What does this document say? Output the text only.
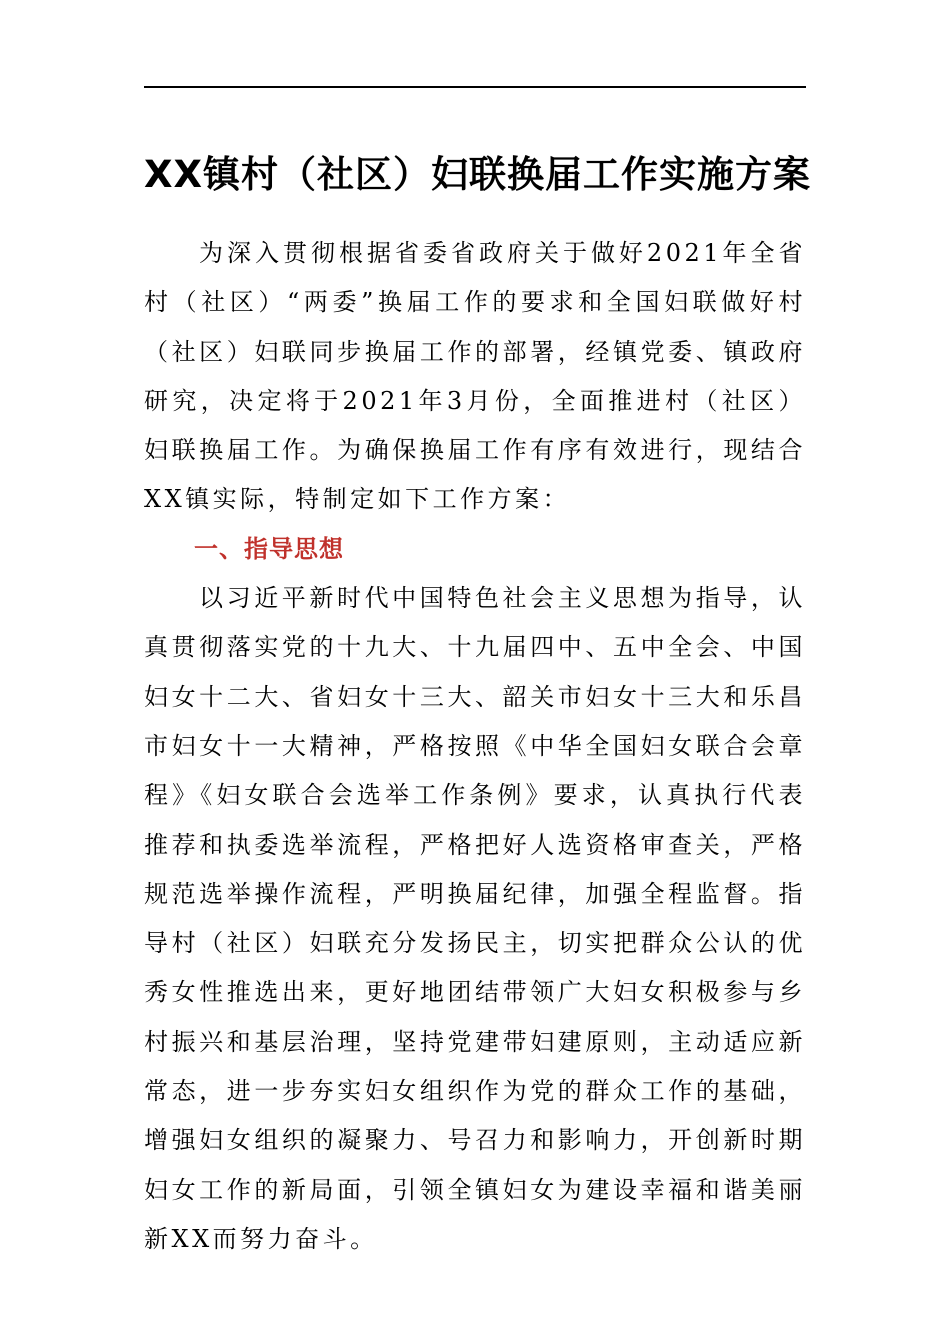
XX镇村（社区）妇联换届工作实施方案

为深入贯彻根据省委省政府关于做好2021年全省村（社区）“两委”换届工作的要求和全国妇联做好村（社区）妇联同步换届工作的部署，经镇党委、镇政府研究，决定将于2021年3月份，全面推进村（社区）妇联换届工作。为确保换届工作有序有效进行，现结合XX镇实际，特制定如下工作方案：

一、指导思想

以习近平新时代中国特色社会主义思想为指导，认真贯彻落实党的十九大、十九届四中、五中全会、中国妇女十二大、省妇女十三大、韶关市妇女十三大和乐昌市妇女十一大精神，严格按照《中华全国妇女联合会章程》《妇女联合会选举工作条例》要求，认真执行代表推荐和执委选举流程，严格把好人选资格审查关，严格规范选举操作流程，严明换届纪律，加强全程监督。指导村（社区）妇联充分发扬民主，切实把群众公认的优秀女性推选出来，更好地团结带领广大妇女积极参与乡村振兴和基层治理，坚持党建带妇建原则，主动适应新常态，进一步夯实妇女组织作为党的群众工作的基础，增强妇女组织的凝聚力、号召力和影响力，开创新时期妇女工作的新局面，引领全镇妇女为建设幸福和谐美丽新XX而努力奋斗。
